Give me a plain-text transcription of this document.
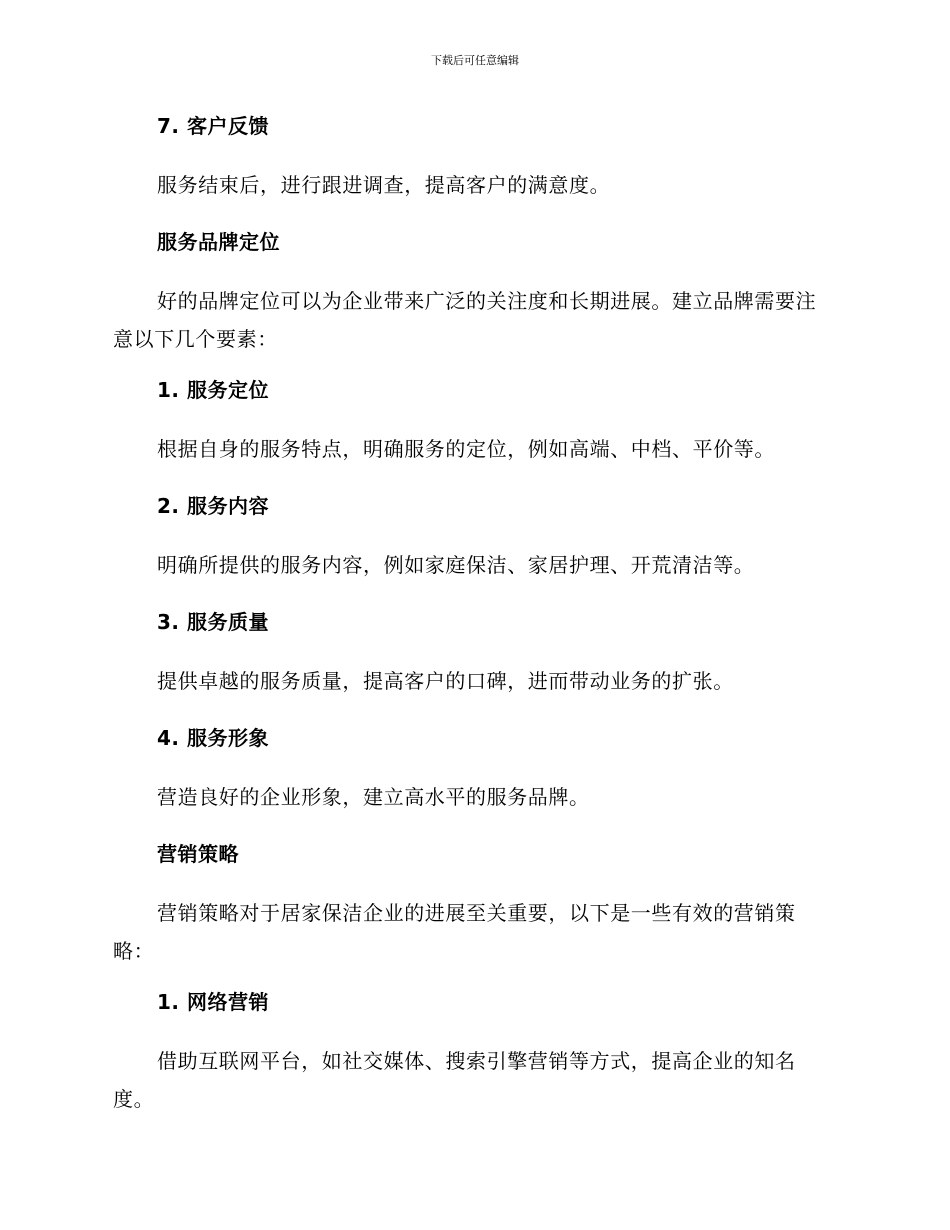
下载后可任意编辑
7. 客户反馈

服务结束后，进行跟进调查，提高客户的满意度。

服务品牌定位

好的品牌定位可以为企业带来广泛的关注度和长期进展。建立品牌需要注意以下几个要素：

1. 服务定位

根据自身的服务特点，明确服务的定位，例如高端、中档、平价等。

2. 服务内容

明确所提供的服务内容，例如家庭保洁、家居护理、开荒清洁等。

3. 服务质量

提供卓越的服务质量，提高客户的口碑，进而带动业务的扩张。

4. 服务形象

营造良好的企业形象，建立高水平的服务品牌。

营销策略

营销策略对于居家保洁企业的进展至关重要，以下是一些有效的营销策略：

1. 网络营销

借助互联网平台，如社交媒体、搜索引擎营销等方式，提高企业的知名度。
